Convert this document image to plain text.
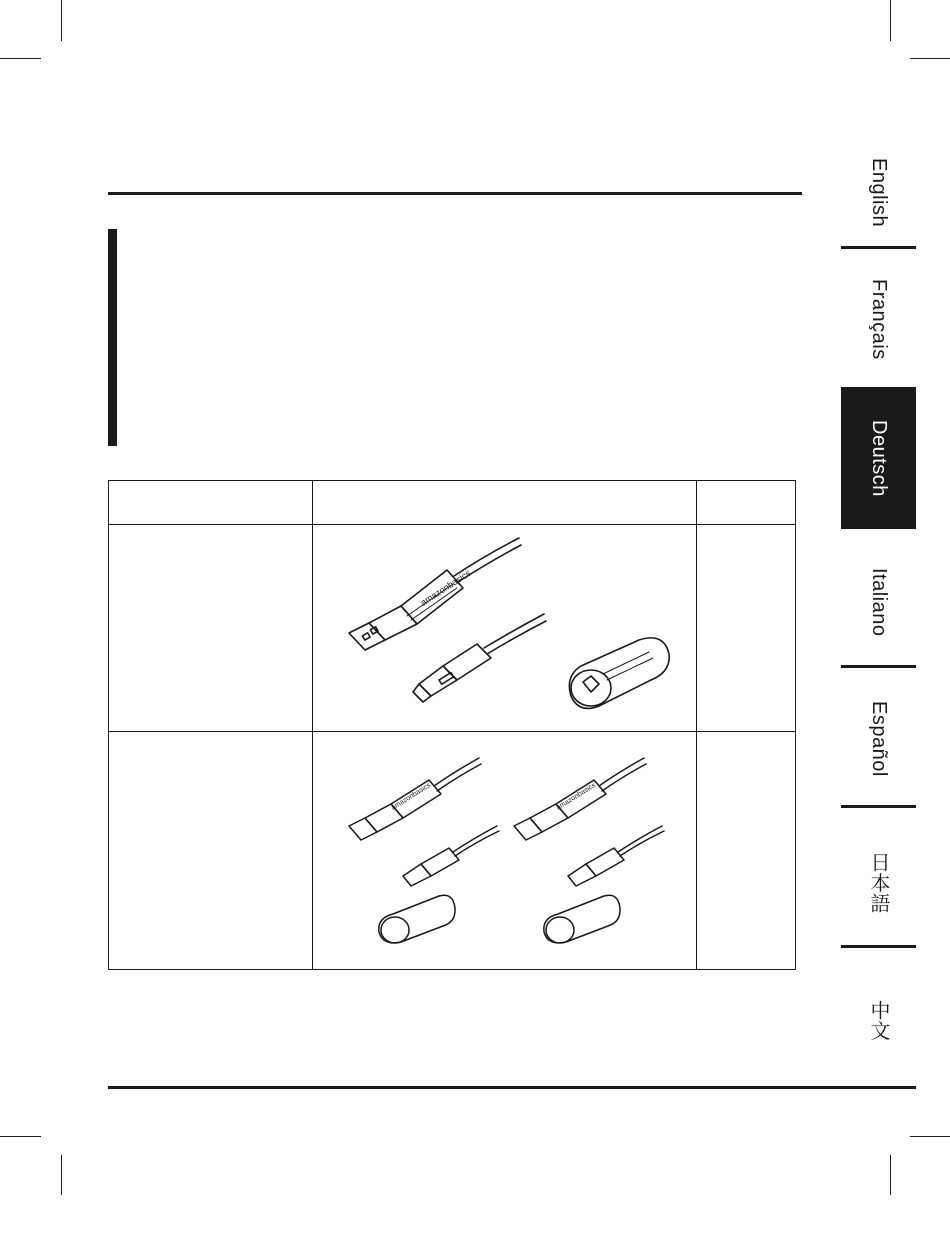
English
Français
Deutsch
Italiano
Español
日本語
中文

amazonbasics	

amazonbasics amazonbasics	
